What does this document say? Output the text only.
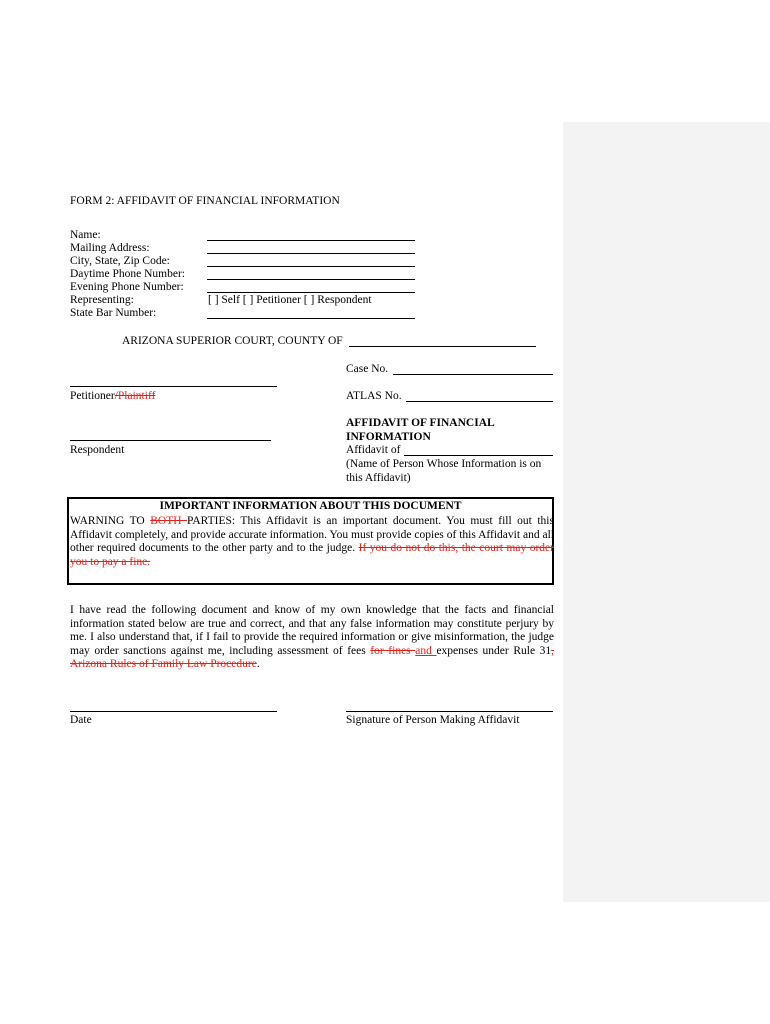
FORM 2: AFFIDAVIT OF FINANCIAL INFORMATION
Name:
Mailing Address:
City, State, Zip Code:
Daytime Phone Number:
Evening Phone Number:
Representing:	[ ] Self [ ] Petitioner [ ] Respondent
State Bar Number:
ARIZONA SUPERIOR COURT, COUNTY OF
Case No.
ATLAS No.
Petitioner/Plaintiff
Respondent
AFFIDAVIT OF FINANCIAL
INFORMATION
Affidavit of
(Name of Person Whose Information is on
this Affidavit)
IMPORTANT INFORMATION ABOUT THIS DOCUMENT
WARNING TO BOTH PARTIES: This Affidavit is an important document. You must fill out this Affidavit completely, and provide accurate information. You must provide copies of this Affidavit and all other required documents to the other party and to the judge. If you do not do this, the court may order you to pay a fine.
I have read the following document and know of my own knowledge that the facts and financial information stated below are true and correct, and that any false information may constitute perjury by me. I also understand that, if I fail to provide the required information or give misinformation, the judge may order sanctions against me, including assessment of fees for fines and expenses under Rule 31, Arizona Rules of Family Law Procedure.
Date	Signature of Person Making Affidavit
